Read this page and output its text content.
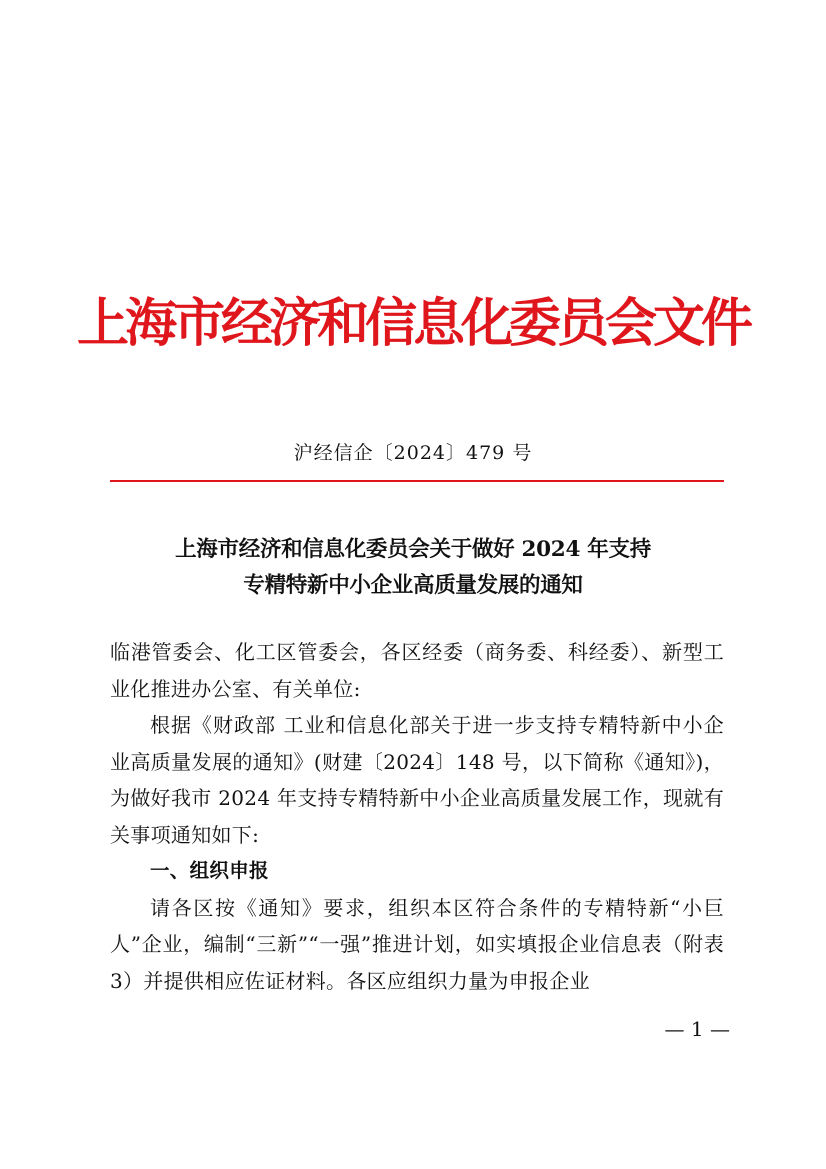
上海市经济和信息化委员会文件
沪经信企〔2024〕479 号
上海市经济和信息化委员会关于做好 2024 年支持
专精特新中小企业高质量发展的通知

临港管委会、化工区管委会，各区经委（商务委、科经委）、新型工业化推进办公室、有关单位:

根据《财政部 工业和信息化部关于进一步支持专精特新中小企业高质量发展的通知》(财建〔2024〕148 号，以下简称《通知》)，为做好我市 2024 年支持专精特新中小企业高质量发展工作，现就有关事项通知如下:

一、组织申报

请各区按《通知》要求，组织本区符合条件的专精特新“小巨人”企业，编制“三新”“一强”推进计划，如实填报企业信息表（附表 3）并提供相应佐证材料。各区应组织力量为申报企业

— 1 —
